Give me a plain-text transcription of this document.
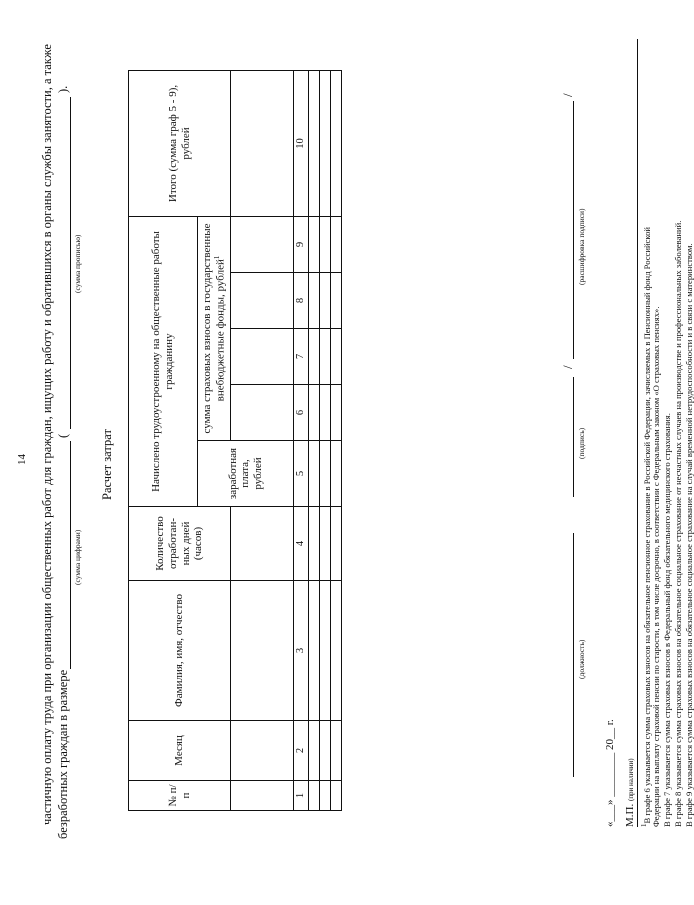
14 частичную оплату труда при организации общественных работ для граждан, ищущих работу и обратившихся в органы службы занятости, а также безработных граждан в размере
(
).
(сумма цифрами)
(сумма прописью)
Расчет затрат
№ п/п	Месяц	Фамилия, имя, отчество	Количество отработан-ных дней (часов)	Начислено трудоустроенному на общественные работы гражданину					Итого (сумма граф 5 - 9), рублей
				заработная плата, рублей	сумма страховых взносов в государственные внебюджетные фонды, рублей$^1$

1	2	3	4	5	6	7	8	9	10

(должность)
(подпись)
/
/
(расшифровка подписи)
«___» ________ 20__ г. М.П. (при наличии)
$^1$В графе 6 указывается сумма страховых взносов на обязательное пенсионное страхование в Российской Федерации, зачисляемых в Пенсионный фонд Российской Федерации на выплату страховой пенсии по старости, в том числе досрочно, в соответствии с Федеральным законом «О страховых пенсиях». В графе 7 указывается сумма страховых взносов в Федеральный фонд обязательного медицинского страхования. В графе 8 указывается сумма страховых взносов на обязательное социальное страхование от несчастных случаев на производстве и профессиональных заболеваний. В графе 9 указывается сумма страховых взносов на обязательное социальное страхование на случай временной нетрудоспособности и в связи с материнством.
